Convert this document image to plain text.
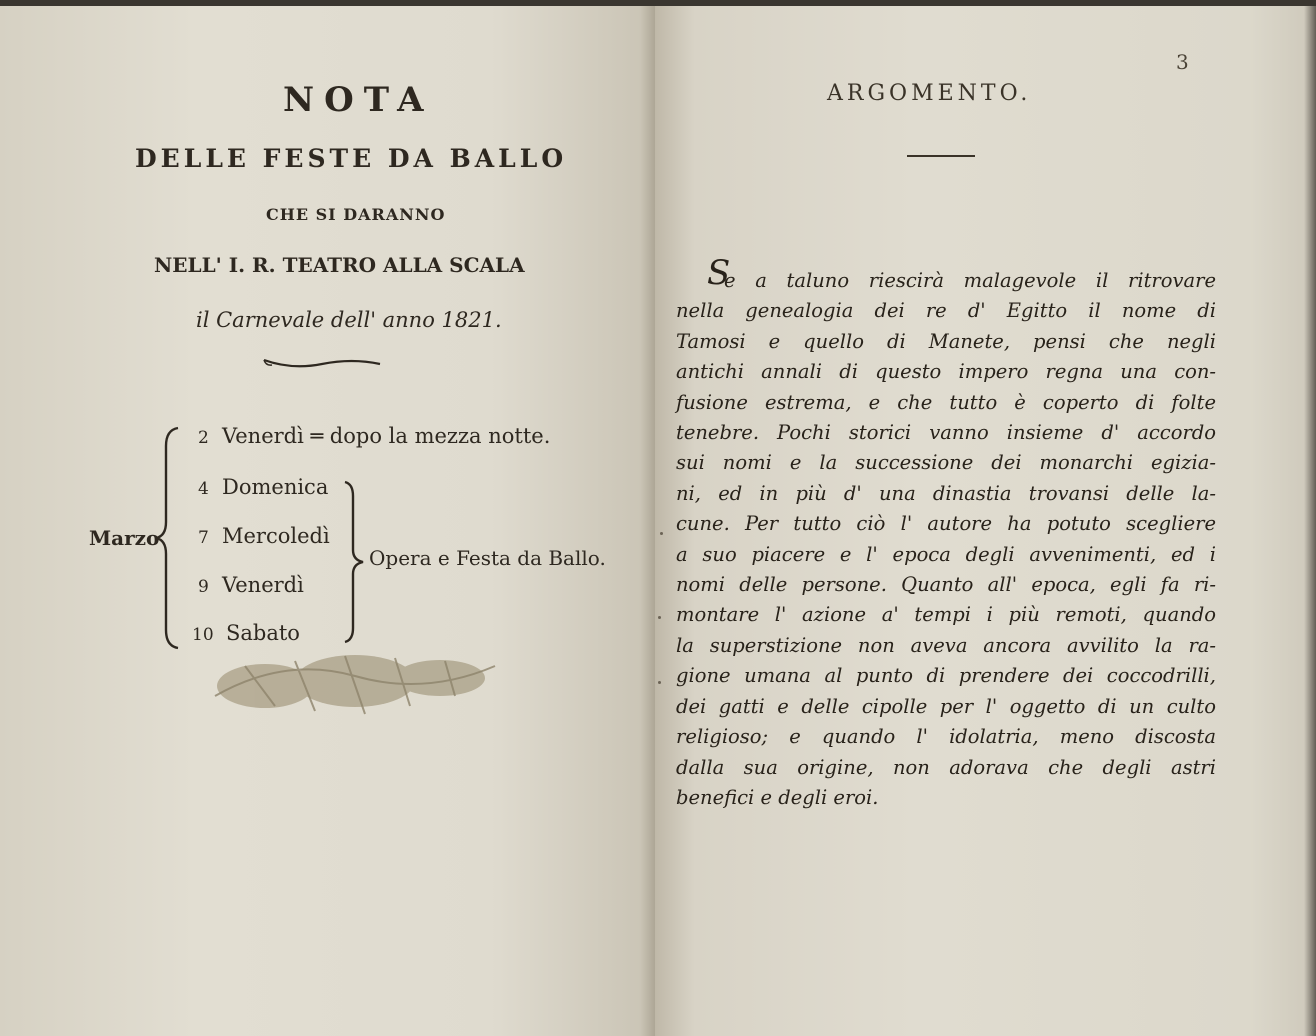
NOTA
DELLE FESTE DA BALLO
CHE SI DARANNO
NELL' I. R. TEATRO ALLA SCALA
il Carnevale dell' anno 1821.
Marzo
2 Venerdì ═ dopo la mezza notte.
4 Domenica
7 Mercoledì
9 Venerdì
10 Sabato
Opera e Festa da Ballo.
3
ARGOMENTO.
S
e a taluno riescirà malagevole il ritrovare
nella genealogia dei re d' Egitto il nome di
Tamosi e quello di Manete, pensi che negli
antichi annali di questo impero regna una con-
fusione estrema, e che tutto è coperto di folte
tenebre. Pochi storici vanno insieme d' accordo
sui nomi e la successione dei monarchi egizia-
ni, ed in più d' una dinastia trovansi delle la-
cune. Per tutto ciò l' autore ha potuto scegliere
a suo piacere e l' epoca degli avvenimenti, ed i
nomi delle persone. Quanto all' epoca, egli fa ri-
montare l' azione a' tempi i più remoti, quando
la superstizione non aveva ancora avvilito la ra-
gione umana al punto di prendere dei coccodrilli,
dei gatti e delle cipolle per l' oggetto di un culto
religioso; e quando l' idolatria, meno discosta
dalla sua origine, non adorava che degli astri
benefici e degli eroi.
